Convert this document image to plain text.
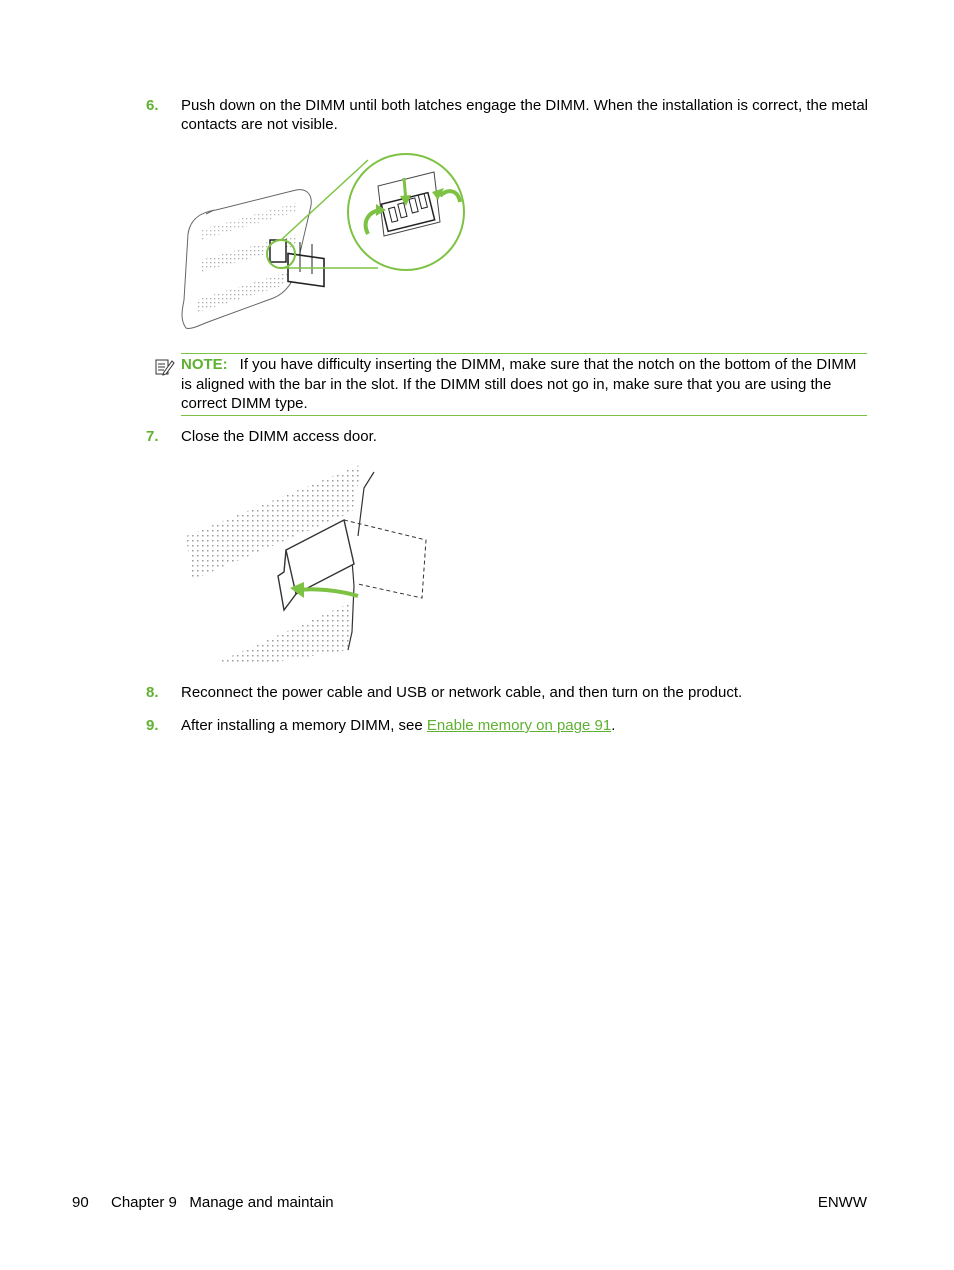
6. Push down on the DIMM until both latches engage the DIMM. When the installation is correct, the metal contacts are not visible.
NOTE: If you have difficulty inserting the DIMM, make sure that the notch on the bottom of the DIMM is aligned with the bar in the slot. If the DIMM still does not go in, make sure that you are using the correct DIMM type.
7. Close the DIMM access door.
8. Reconnect the power cable and USB or network cable, and then turn on the product.
9. After installing a memory DIMM, see Enable memory on page 91.
90 Chapter 9   Manage and maintain	ENWW
